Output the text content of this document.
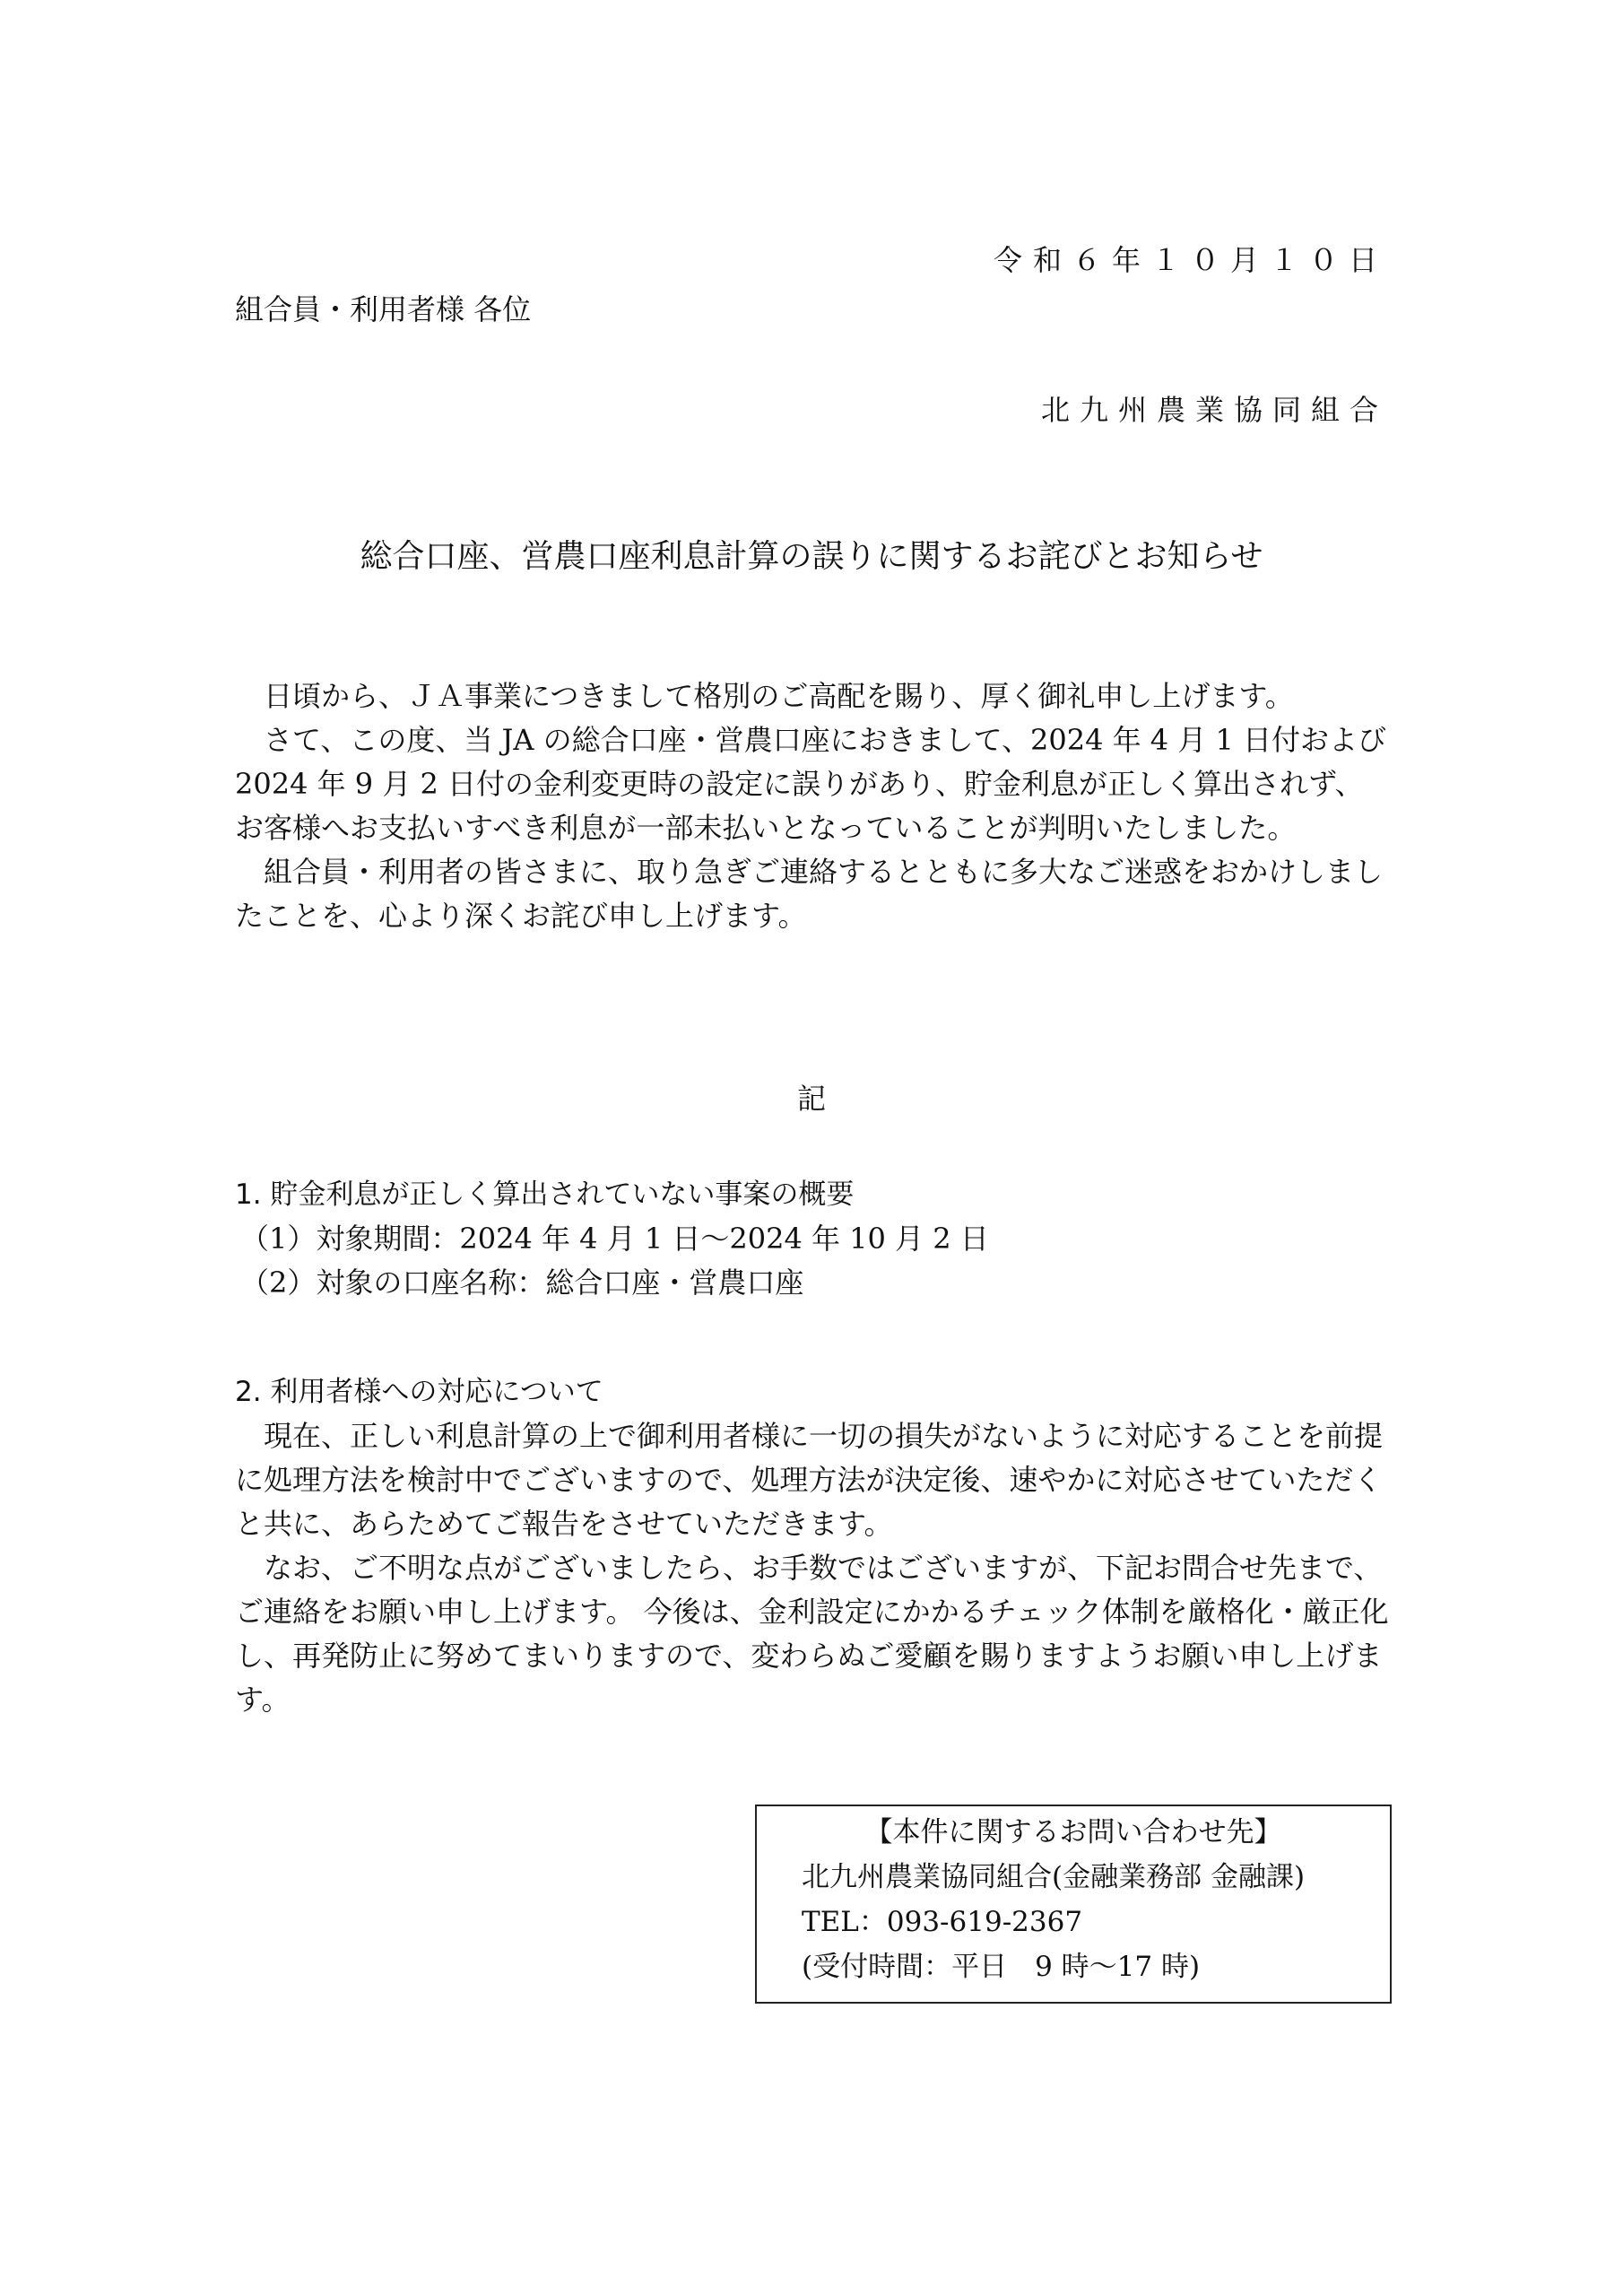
令和６年１０月１０日
組合員・利用者様 各位
北九州農業協同組合
総合口座、営農口座利息計算の誤りに関するお詫びとお知らせ

日頃から、ＪＡ事業につきまして格別のご高配を賜り、厚く御礼申し上げます。

さて、この度、当 JA の総合口座・営農口座におきまして、2024 年 4 月 1 日付および 2024 年 9 月 2 日付の金利変更時の設定に誤りがあり、貯金利息が正しく算出されず、お客様へお支払いすべき利息が一部未払いとなっていることが判明いたしました。

組合員・利用者の皆さまに、取り急ぎご連絡するとともに多大なご迷惑をおかけしましたことを、心より深くお詫び申し上げます。

記

1. 貯金利息が正しく算出されていない事案の概要

（1）対象期間：2024 年 4 月 1 日～2024 年 10 月 2 日

（2）対象の口座名称：総合口座・営農口座

2. 利用者様への対応について

現在、正しい利息計算の上で御利用者様に一切の損失がないように対応することを前提に処理方法を検討中でございますので、処理方法が決定後、速やかに対応させていただくと共に、あらためてご報告をさせていただきます。

なお、ご不明な点がございましたら、お手数ではございますが、下記お問合せ先まで、ご連絡をお願い申し上げます。 今後は、金利設定にかかるチェック体制を厳格化・厳正化し、再発防止に努めてまいりますので、変わらぬご愛顧を賜りますようお願い申し上げます。

【本件に関するお問い合わせ先】
北九州農業協同組合(金融業務部 金融課)
TEL：093-619-2367
(受付時間：平日　9 時～17 時)
